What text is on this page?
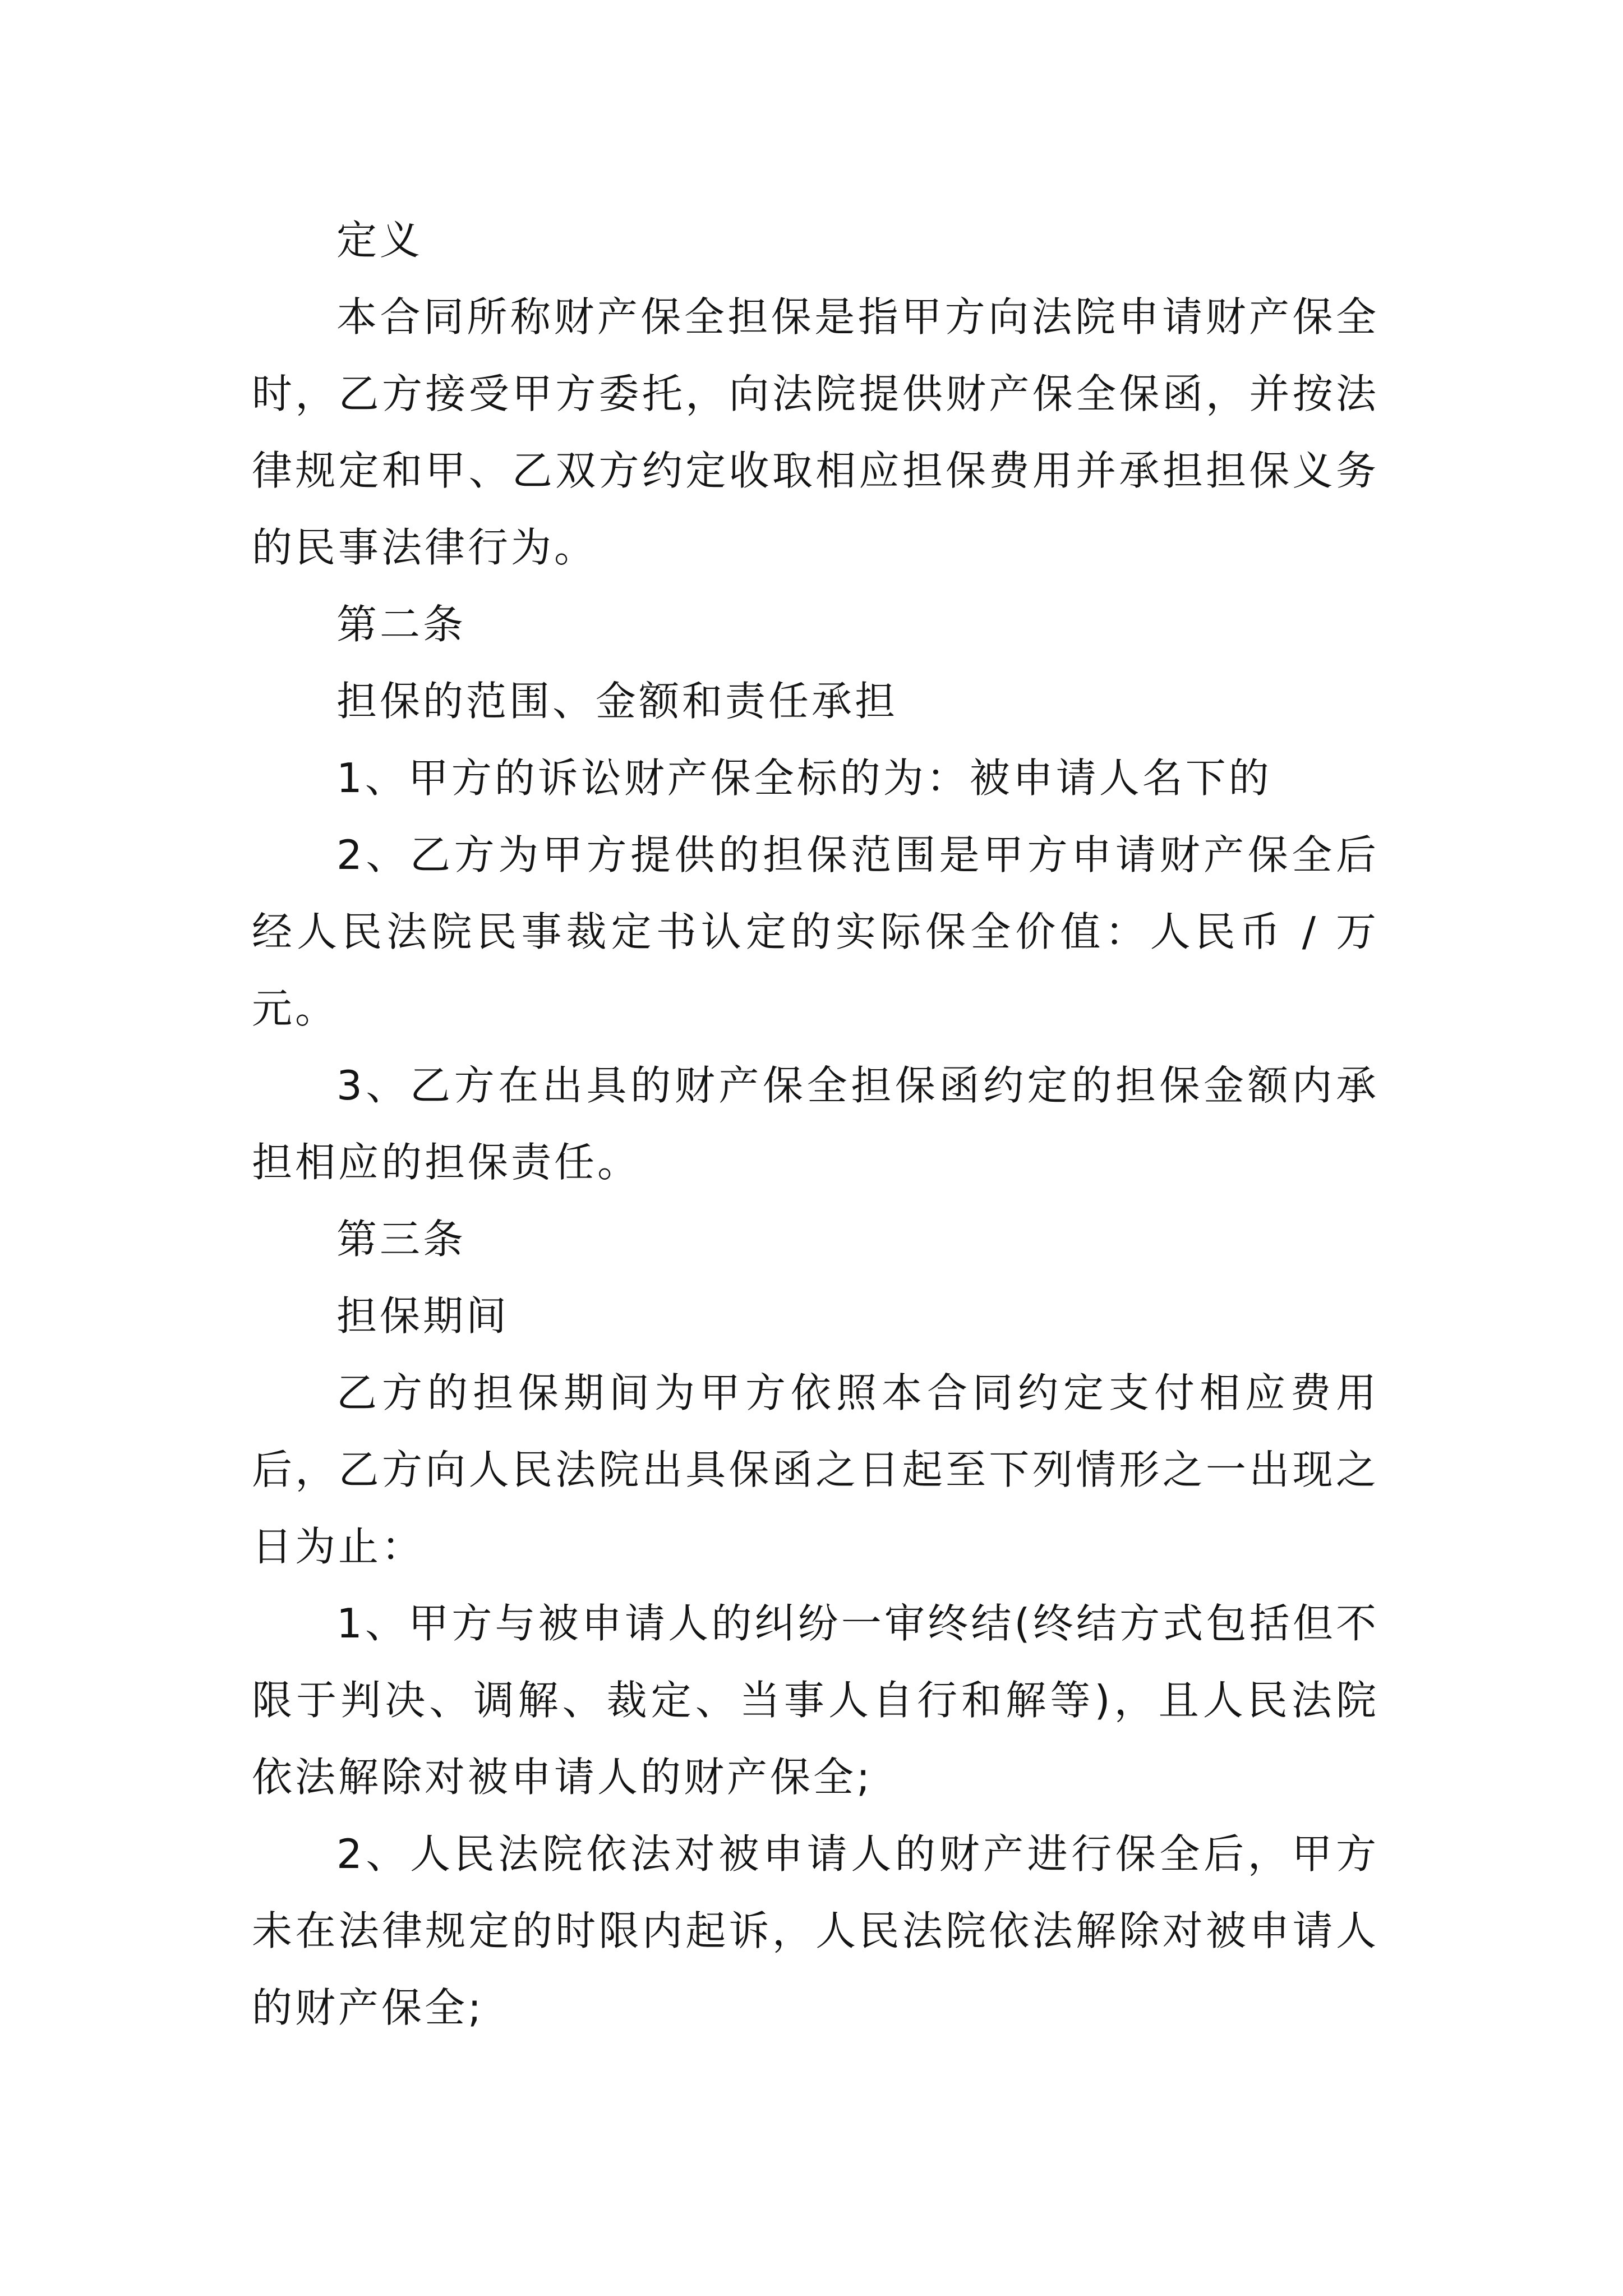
定义

本合同所称财产保全担保是指甲方向法院申请财产保全时，乙方接受甲方委托，向法院提供财产保全保函，并按法律规定和甲、乙双方约定收取相应担保费用并承担担保义务的民事法律行为。

第二条

担保的范围、金额和责任承担

1、甲方的诉讼财产保全标的为：被申请人名下的

2、乙方为甲方提供的担保范围是甲方申请财产保全后经人民法院民事裁定书认定的实际保全价值：人民币 / 万元。

3、乙方在出具的财产保全担保函约定的担保金额内承担相应的担保责任。

第三条

担保期间

乙方的担保期间为甲方依照本合同约定支付相应费用后，乙方向人民法院出具保函之日起至下列情形之一出现之日为止：

1、甲方与被申请人的纠纷一审终结(终结方式包括但不限于判决、调解、裁定、当事人自行和解等)，且人民法院依法解除对被申请人的财产保全;

2、人民法院依法对被申请人的财产进行保全后，甲方未在法律规定的时限内起诉，人民法院依法解除对被申请人的财产保全;
